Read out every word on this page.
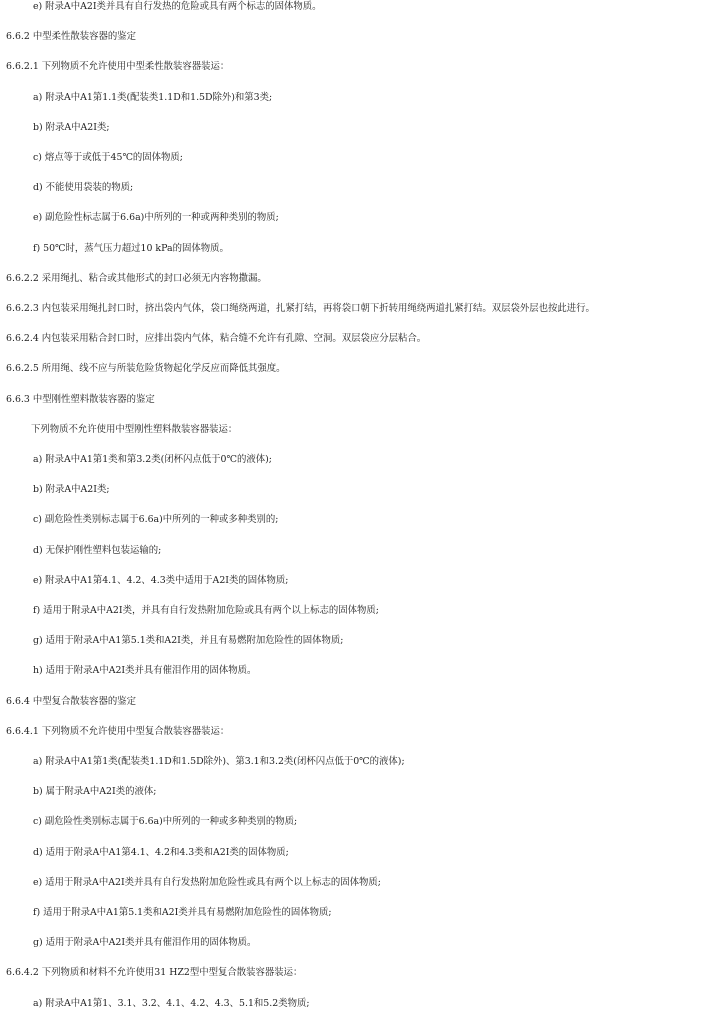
e) 附录A中A2Ⅰ类并具有自行发热的危险或具有两个标志的固体物质。
6.6.2 中型柔性散装容器的鉴定
6.6.2.1 下列物质不允许使用中型柔性散装容器装运：
a) 附录A中A1第1.1类(配装类1.1D和1.5D除外)和第3类;
b) 附录A中A2Ⅰ类;
c) 熔点等于或低于45℃的固体物质;
d) 不能使用袋装的物质;
e) 副危险性标志属于6.6a)中所列的一种或两种类别的物质;
f) 50℃时，蒸气压力超过10 kPa的固体物质。
6.6.2.2 采用绳扎、粘合或其他形式的封口必须无内容物撒漏。
6.6.2.3 内包装采用绳扎封口时，挤出袋内气体，袋口绳绕两道，扎紧打结，再将袋口朝下折转用绳绕两道扎紧打结。双层袋外层也按此进行。
6.6.2.4 内包装采用粘合封口时，应排出袋内气体，粘合缝不允许有孔隙、空洞。双层袋应分层粘合。
6.6.2.5 所用绳、线不应与所装危险货物起化学反应而降低其强度。
6.6.3 中型刚性塑料散装容器的鉴定
下列物质不允许使用中型刚性塑料散装容器装运：
a) 附录A中A1第1类和第3.2类(闭杯闪点低于0℃的液体);
b) 附录A中A2Ⅰ类;
c) 副危险性类别标志属于6.6a)中所列的一种或多种类别的;
d) 无保护刚性塑料包装运输的;
e) 附录A中A1第4.1、4.2、4.3类中适用于A2Ⅰ类的固体物质;
f) 适用于附录A中A2Ⅰ类，并具有自行发热附加危险或具有两个以上标志的固体物质;
g) 适用于附录A中A1第5.1类和A2Ⅰ类，并且有易燃附加危险性的固体物质;
h) 适用于附录A中A2Ⅰ类并具有催泪作用的固体物质。
6.6.4 中型复合散装容器的鉴定
6.6.4.1 下列物质不允许使用中型复合散装容器装运：
a) 附录A中A1第1类(配装类1.1D和1.5D除外)、第3.1和3.2类(闭杯闪点低于0℃的液体);
b) 属于附录A中A2Ⅰ类的液体;
c) 副危险性类别标志属于6.6a)中所列的一种或多种类别的物质;
d) 适用于附录A中A1第4.1、4.2和4.3类和A2Ⅰ类的固体物质;
e) 适用于附录A中A2Ⅰ类并具有自行发热附加危险性或具有两个以上标志的固体物质;
f) 适用于附录A中A1第5.1类和A2Ⅰ类并具有易燃附加危险性的固体物质;
g) 适用于附录A中A2Ⅰ类并具有催泪作用的固体物质。
6.6.4.2 下列物质和材料不允许使用31 HZ2型中型复合散装容器装运：
a) 附录A中A1第1、3.1、3.2、4.1、4.2、4.3、5.1和5.2类物质;
